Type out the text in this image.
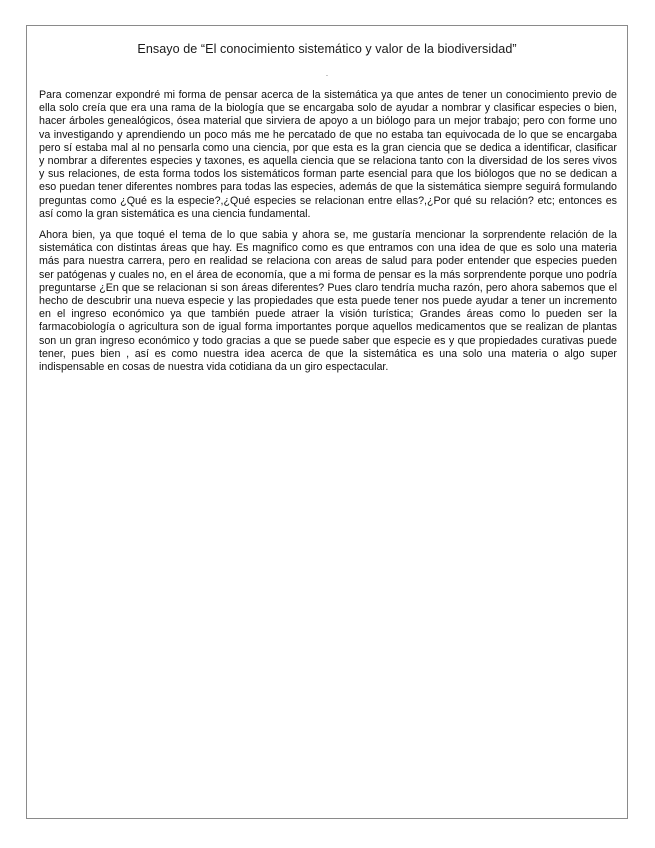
Ensayo de “El conocimiento sistemático y valor de la biodiversidad”
.

Para comenzar expondré mi forma de pensar acerca de la sistemática ya que antes de tener un conocimiento previo de ella solo creía que era una rama de la biología que se encargaba solo de ayudar a nombrar y clasificar especies o bien, hacer árboles genealógicos, ósea material que sirviera de apoyo a un biólogo para un mejor trabajo; pero con forme uno va investigando y aprendiendo un poco más me he percatado de que no estaba tan equivocada de lo que se encargaba pero sí estaba mal al no pensarla como una ciencia, por que esta es la gran ciencia que se dedica a identificar, clasificar y nombrar a diferentes especies y taxones, es aquella ciencia que se relaciona tanto con la diversidad de los seres vivos y sus relaciones, de esta forma todos los sistemáticos forman parte esencial para que los biólogos que no se dedican a eso puedan tener diferentes nombres para todas las especies, además de que la sistemática siempre seguirá formulando preguntas como ¿Qué es la especie?,¿Qué especies se relacionan entre ellas?,¿Por qué su relación? etc; entonces es así como la gran sistemática es una ciencia fundamental.

Ahora bien, ya que toqué el tema de lo que sabia y ahora se, me gustaría mencionar la sorprendente relación de la sistemática con distintas áreas que hay. Es magnifico como es que entramos con una idea de que es solo una materia más para nuestra carrera, pero en realidad se relaciona con areas de salud para poder entender que especies pueden ser patógenas y cuales no, en el área de economía, que a mi forma de pensar es la más sorprendente porque uno podría preguntarse ¿En que se relacionan si son áreas diferentes? Pues claro tendría mucha razón, pero ahora sabemos que el hecho de descubrir una nueva especie y las propiedades que esta puede tener nos puede ayudar a tener un incremento en el ingreso económico ya que también puede atraer la visión turística; Grandes áreas como lo pueden ser la farmacobiología o agricultura son de igual forma importantes porque aquellos medicamentos que se realizan de plantas son un gran ingreso económico y todo gracias a que se puede saber que especie es y que propiedades curativas puede tener, pues bien , así es como nuestra idea acerca de que la sistemática es una solo una materia o algo super indispensable en cosas de nuestra vida cotidiana da un giro espectacular.
